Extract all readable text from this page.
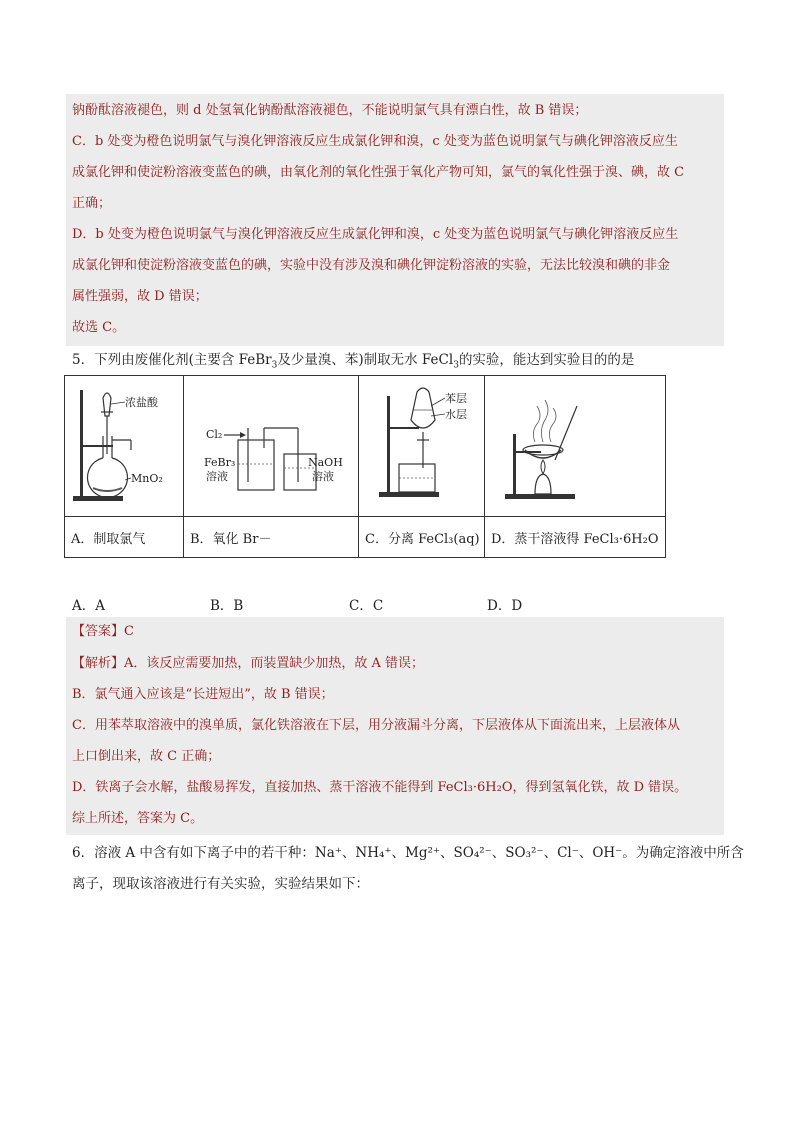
钠酚酞溶液褪色，则 d 处氢氧化钠酚酞溶液褪色，不能说明氯气具有漂白性，故 B 错误；
C．b 处变为橙色说明氯气与溴化钾溶液反应生成氯化钾和溴，c 处变为蓝色说明氯气与碘化钾溶液反应生
成氯化钾和使淀粉溶液变蓝色的碘，由氧化剂的氧化性强于氧化产物可知，氯气的氧化性强于溴、碘，故 C
正确；
D．b 处变为橙色说明氯气与溴化钾溶液反应生成氯化钾和溴，c 处变为蓝色说明氯气与碘化钾溶液反应生
成氯化钾和使淀粉溶液变蓝色的碘，实验中没有涉及溴和碘化钾淀粉溶液的实验，无法比较溴和碘的非金
属性强弱，故 D 错误；
故选 C。
5．下列由废催化剂(主要含 FeBr$_3$及少量溴、苯)制取无水 FeCl$_3$的实验，能达到实验目的的是
浓盐酸
MnO₂	Cl₂
FeBr₃
溶液
NaOH
溶液	苯层
水层

A．制取氯气	B．氧化 Br－	C．分离 FeCl₃(aq)	D．蒸干溶液得 FeCl₃·6H₂O
A．A	B．B	C．C	D．D
【答案】C
【解析】A．该反应需要加热，而装置缺少加热，故 A 错误；
B．氯气通入应该是“长进短出”，故 B 错误；
C．用苯萃取溶液中的溴单质，氯化铁溶液在下层，用分液漏斗分离，下层液体从下面流出来，上层液体从
上口倒出来，故 C 正确；
D．铁离子会水解，盐酸易挥发，直接加热、蒸干溶液不能得到 FeCl₃·6H₂O，得到氢氧化铁，故 D 错误。
综上所述，答案为 C。
6．溶液 A 中含有如下离子中的若干种：Na⁺、NH₄⁺、Mg²⁺、SO₄²⁻、SO₃²⁻、Cl⁻、OH⁻。为确定溶液中所含
离子，现取该溶液进行有关实验，实验结果如下：
